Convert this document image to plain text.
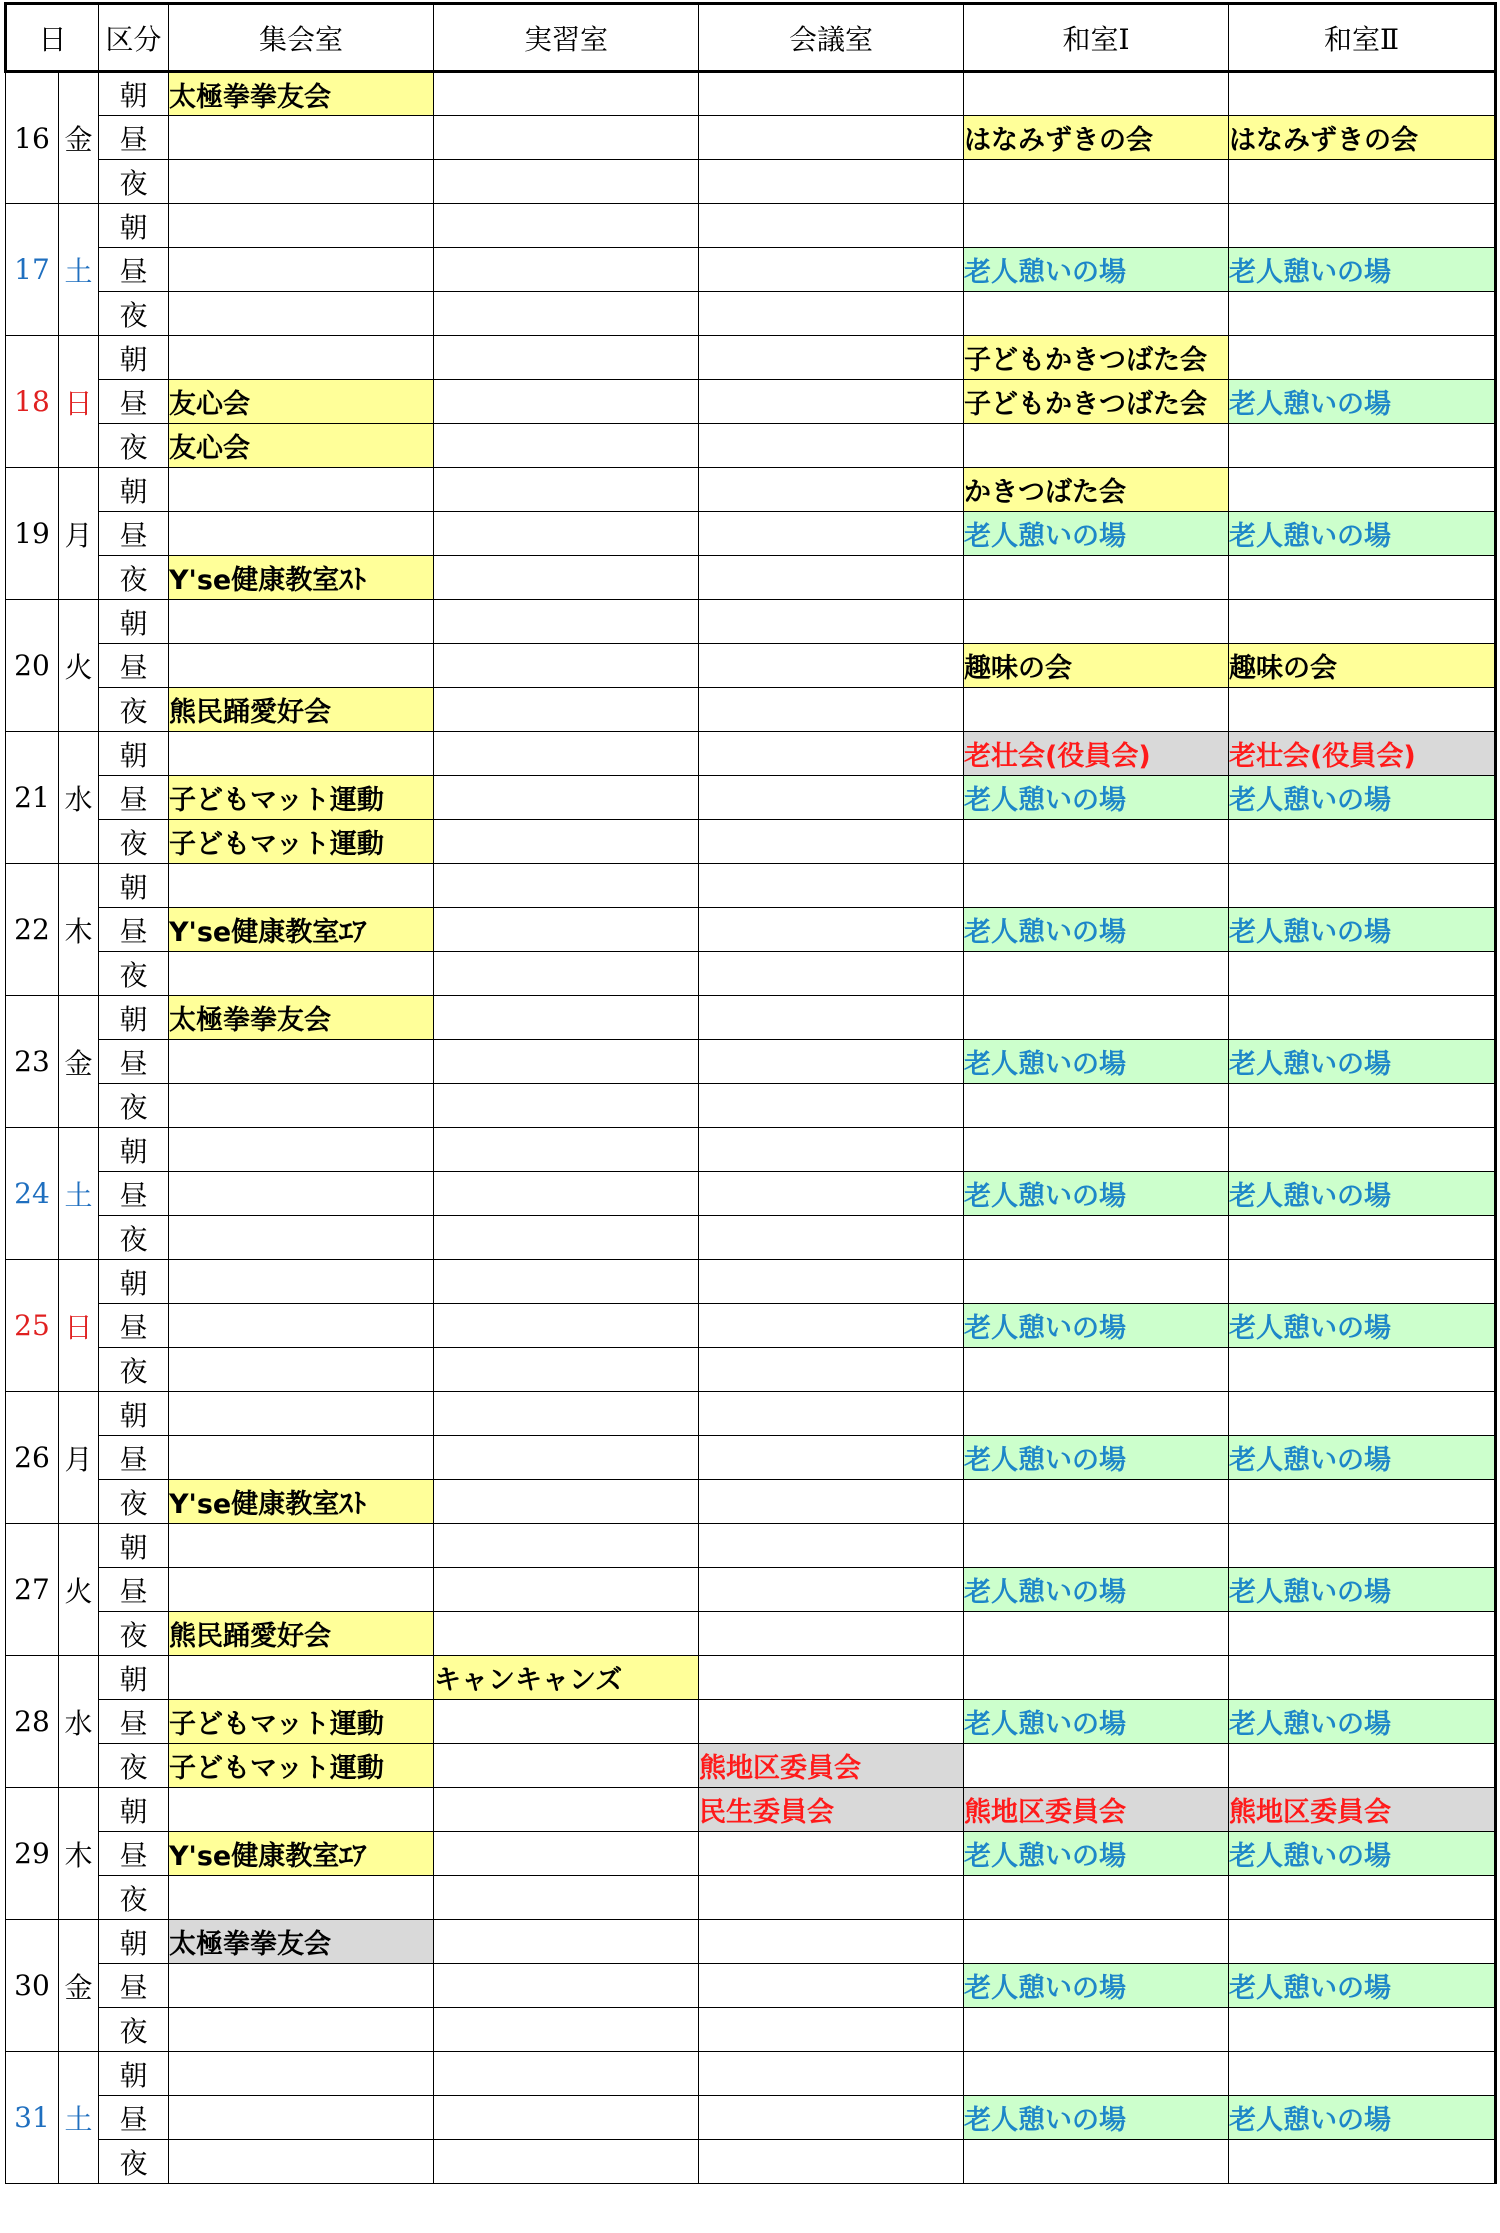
日		区分	集会室	実習室	会議室	和室Ⅰ	和室Ⅱ
16	金	朝	太極拳拳友会				
		昼				はなみずきの会	はなみずきの会
		夜					
17	土	朝					
		昼				老人憩いの場	老人憩いの場
		夜					
18	日	朝				子どもかきつばた会	
		昼	友心会			子どもかきつばた会	老人憩いの場
		夜	友心会				
19	月	朝				かきつばた会	
		昼				老人憩いの場	老人憩いの場
		夜	Y'se健康教室ｽﾄ				
20	火	朝					
		昼				趣味の会	趣味の会
		夜	熊民踊愛好会				
21	水	朝				老壮会(役員会)	老壮会(役員会)
		昼	子どもマット運動			老人憩いの場	老人憩いの場
		夜	子どもマット運動				
22	木	朝					
		昼	Y'se健康教室ｴｱ			老人憩いの場	老人憩いの場
		夜					
23	金	朝	太極拳拳友会				
		昼				老人憩いの場	老人憩いの場
		夜					
24	土	朝					
		昼				老人憩いの場	老人憩いの場
		夜					
25	日	朝					
		昼				老人憩いの場	老人憩いの場
		夜					
26	月	朝					
		昼				老人憩いの場	老人憩いの場
		夜	Y'se健康教室ｽﾄ				
27	火	朝					
		昼				老人憩いの場	老人憩いの場
		夜	熊民踊愛好会				
28	水	朝		キャンキャンズ			
		昼	子どもマット運動			老人憩いの場	老人憩いの場
		夜	子どもマット運動		熊地区委員会		
29	木	朝			民生委員会	熊地区委員会	熊地区委員会
		昼	Y'se健康教室ｴｱ			老人憩いの場	老人憩いの場
		夜					
30	金	朝	太極拳拳友会				
		昼				老人憩いの場	老人憩いの場
		夜					
31	土	朝					
		昼				老人憩いの場	老人憩いの場
		夜					
